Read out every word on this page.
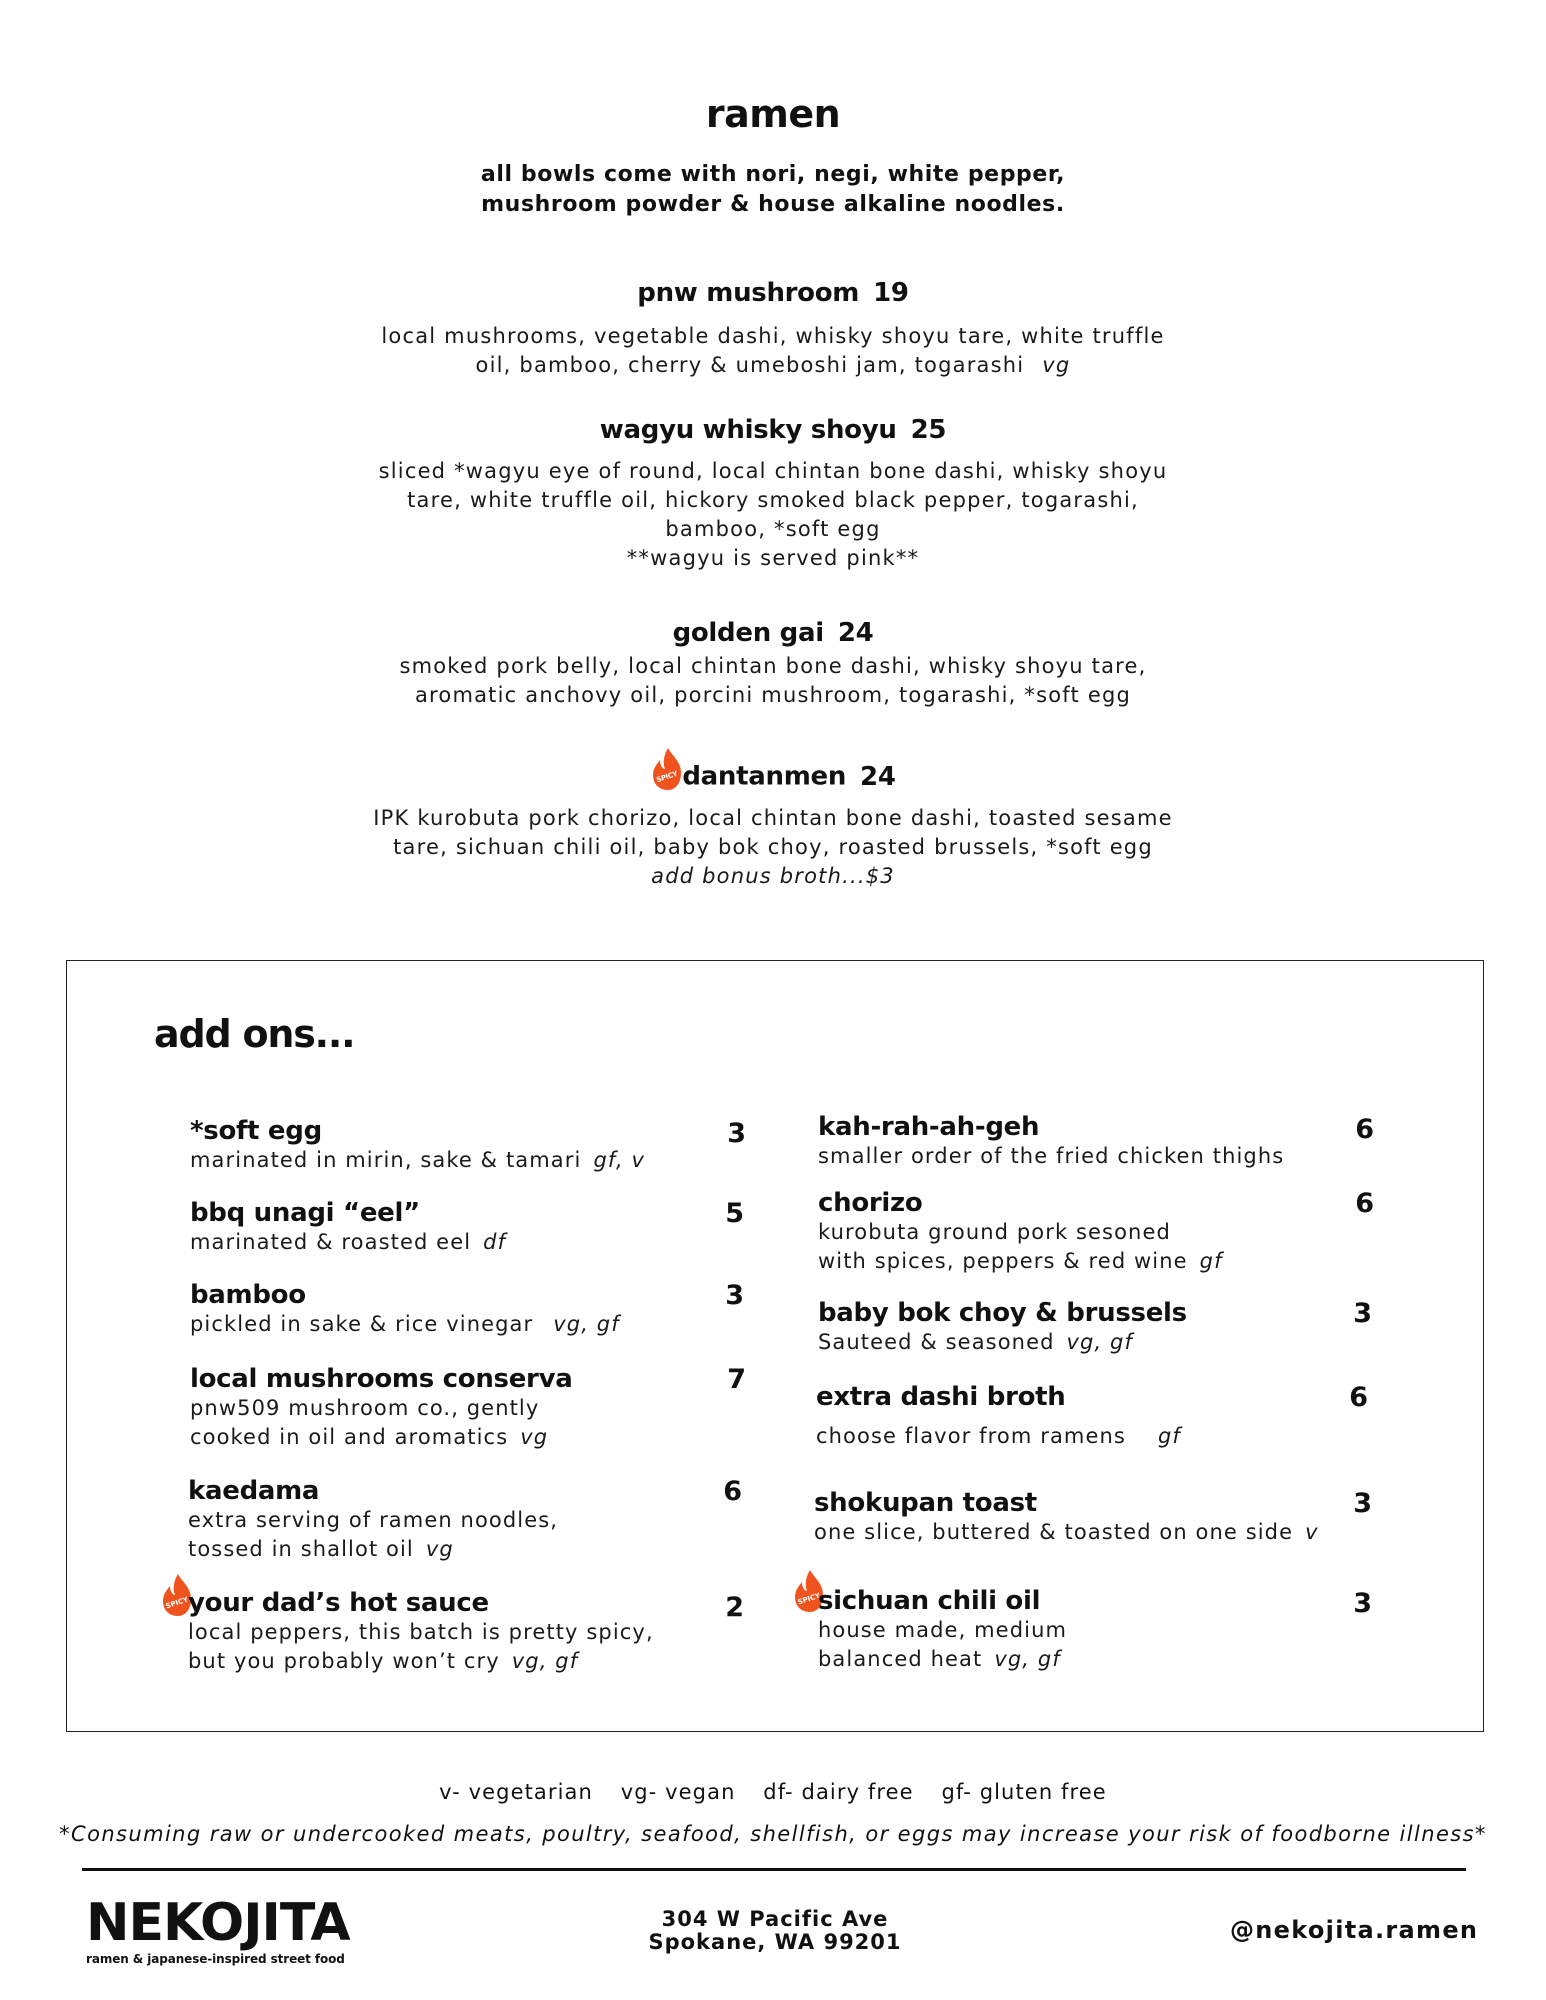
ramen
all bowls come with nori, negi, white pepper,
mushroom powder & house alkaline noodles.
pnw mushroom 19
local mushrooms, vegetable dashi, whisky shoyu tare, white truffle
oil, bamboo, cherry & umeboshi jam, togarashi vg
wagyu whisky shoyu 25
sliced *wagyu eye of round, local chintan bone dashi, whisky shoyu
tare, white truffle oil, hickory smoked black pepper, togarashi,
bamboo, *soft egg
**wagyu is served pink**
golden gai 24
smoked pork belly, local chintan bone dashi, whisky shoyu tare,
aromatic anchovy oil, porcini mushroom, togarashi, *soft egg
SPICY dantanmen 24
IPK kurobuta pork chorizo, local chintan bone dashi, toasted sesame
tare, sichuan chili oil, baby bok choy, roasted brussels, *soft egg
add bonus broth...$3
add ons...
*soft egg	3
marinated in mirin, sake & tamari gf, v
bbq unagi “eel”	5
marinated & roasted eel df
bamboo	3
pickled in sake & rice vinegar vg, gf
local mushrooms conserva	7
pnw509 mushroom co., gently
cooked in oil and aromatics vg
kaedama	6
extra serving of ramen noodles,
tossed in shallot oil vg
SPICY
your dad’s hot sauce	2
local peppers, this batch is pretty spicy,
but you probably won’t cry vg, gf
kah-rah-ah-geh	6
smaller order of the fried chicken thighs
chorizo	6
kurobuta ground pork sesoned
with spices, peppers & red wine gf
baby bok choy & brussels	3
Sauteed & seasoned vg, gf
extra dashi broth	6
choose flavor from ramens gf
shokupan toast	3
one slice, buttered & toasted on one side v
SPICY
sichuan chili oil	3
house made, medium
balanced heat vg, gf
v- vegetarian vg- vegan df- dairy free gf- gluten free
*Consuming raw or undercooked meats, poultry, seafood, shellfish, or eggs may increase your risk of foodborne illness*
NEKOJITA
ramen & japanese-inspired street food
304 W Pacific Ave
Spokane, WA 99201	@nekojita.ramen
